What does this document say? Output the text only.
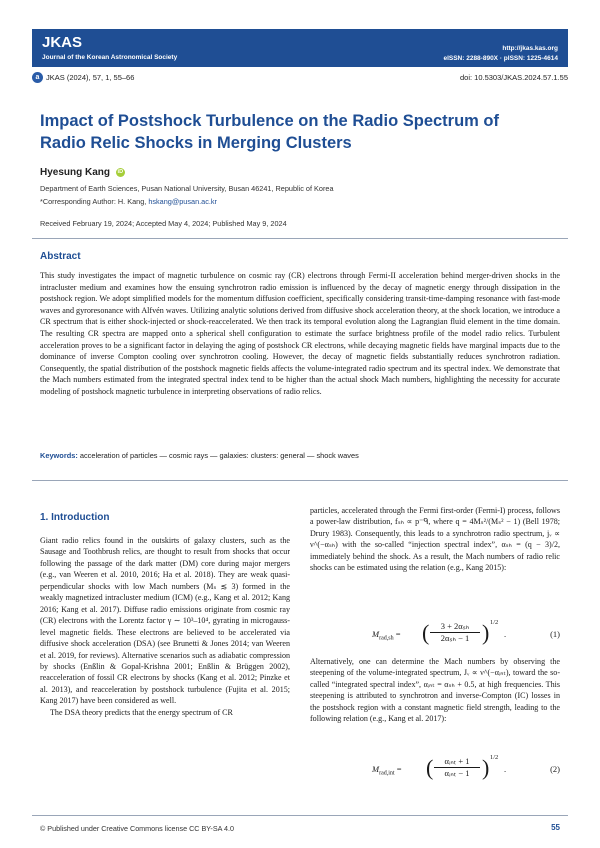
JKAS
Journal of the Korean Astronomical Society
http://jkas.kas.org
eISSN: 2288-890X · pISSN: 1225-4614
a JKAS (2024), 57, 1, 55–66	doi: 10.5303/JKAS.2024.57.1.55
Impact of Postshock Turbulence on the Radio Spectrum of Radio Relic Shocks in Merging Clusters
Hyesung Kang iD
Department of Earth Sciences, Pusan National University, Busan 46241, Republic of Korea
*Corresponding Author: H. Kang, hskang@pusan.ac.kr
Received February 19, 2024; Accepted May 4, 2024; Published May 9, 2024
Abstract
This study investigates the impact of magnetic turbulence on cosmic ray (CR) electrons through Fermi-II acceleration behind merger-driven shocks in the intracluster medium and examines how the ensuing synchrotron radio emission is influenced by the decay of magnetic energy through dissipation in the postshock region. We adopt simplified models for the momentum diffusion coefficient, specifically considering transit-time-damping resonance with fast-mode waves and gyroresonance with Alfvén waves. Utilizing analytic solutions derived from diffusive shock acceleration theory, at the shock location, we introduce a CR spectrum that is either shock-injected or shock-reaccelerated. We then track its temporal evolution along the Lagrangian fluid element in the time domain. The resulting CR spectra are mapped onto a spherical shell configuration to estimate the surface brightness profile of the model radio relics. Turbulent acceleration proves to be a significant factor in delaying the aging of postshock CR electrons, while decaying magnetic fields have marginal impacts due to the dominance of inverse Compton cooling over synchrotron cooling. However, the decay of magnetic fields substantially reduces synchrotron radiation. Consequently, the spatial distribution of the postshock magnetic fields affects the volume-integrated radio spectrum and its spectral index. We demonstrate that the Mach numbers estimated from the integrated spectral index tend to be higher than the actual shock Mach numbers, highlighting the necessity for accurate modeling of postshock magnetic turbulence in interpreting observations of radio relics.
Keywords: acceleration of particles — cosmic rays — galaxies: clusters: general — shock waves
1. Introduction

Giant radio relics found in the outskirts of galaxy clusters, such as the Sausage and Toothbrush relics, are thought to result from shocks that occur following the passage of the dark matter (DM) core during major mergers (e.g., van Weeren et al. 2010, 2016; Ha et al. 2018). They are weak quasi-perpendicular shocks with low Mach numbers (Mₛ ≲ 3) formed in the weakly magnetized intracluster medium (ICM) (e.g., Kang et al. 2012; Kang 2016; Kang et al. 2017). Diffuse radio emissions originate from cosmic ray (CR) electrons with the Lorentz factor γ ∼ 10³–10⁴, gyrating in microgauss-level magnetic fields. These electrons are believed to be accelerated via diffusive shock acceleration (DSA) (see Brunetti & Jones 2014; van Weeren et al. 2019, for reviews). Alternative scenarios such as adiabatic compression by shocks (Enßlin & Gopal-Krishna 2001; Enßlin & Brüggen 2002), reacceleration of fossil CR electrons by shocks (Kang et al. 2012; Pinzke et al. 2013), and reacceleration by postshock turbulence (Fujita et al. 2015; Kang 2017) have been considered as well.

The DSA theory predicts that the energy spectrum of CR

particles, accelerated through the Fermi first-order (Fermi-I) process, follows a power-law distribution, fₛₕ ∝ p⁻ᑫ, where q = 4Mₛ²/(Mₛ² − 1) (Bell 1978; Drury 1983). Consequently, this leads to a synchrotron radio spectrum, jᵥ ∝ ν^(−αₛₕ) with the so-called “injection spectral index”, αₛₕ = (q − 3)/2, immediately behind the shock. As a result, the Mach numbers of radio relic shocks can be estimated using the relation (e.g., Kang 2015):

$M_{rad,sh}$ = (	3 + 2αₛₕ
2αₛₕ − 1 ) 1/2
.	(1)

Alternatively, one can determine the Mach numbers by observing the steepening of the volume-integrated spectrum, Jᵥ ∝ ν^(−αᵢₙₜ), toward the so-called “integrated spectral index”, αᵢₙₜ = αₛₕ + 0.5, at high frequencies. This steepening is attributed to synchrotron and inverse-Compton (IC) losses in the postshock region with a constant magnetic field strength, leading to the following relation (e.g., Kang et al. 2017):

$M_{rad,int}$ = (	αᵢₙₜ + 1
αᵢₙₜ − 1 ) 1/2
.	(2)
© Published under Creative Commons license CC BY-SA 4.0	55
